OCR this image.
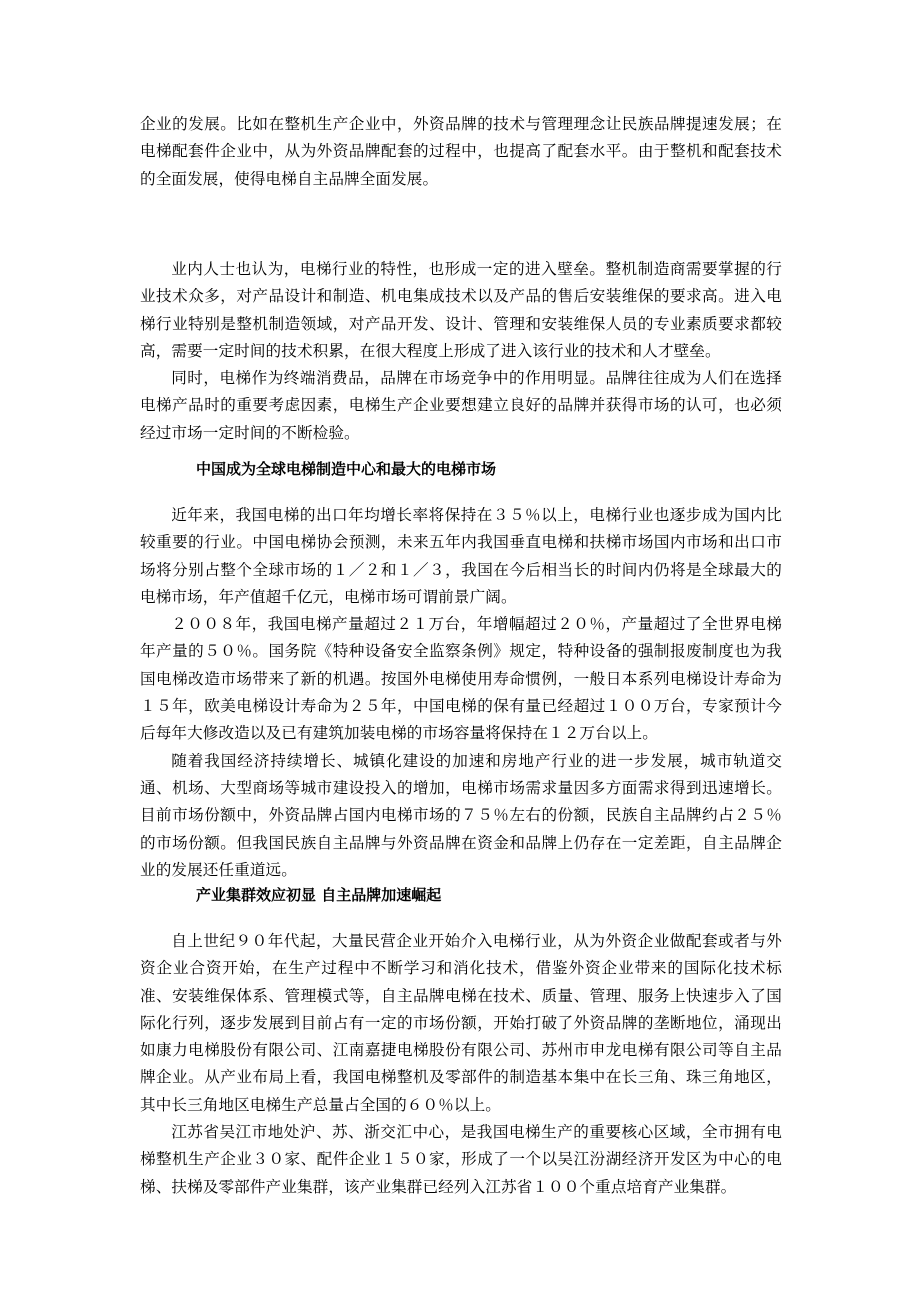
企业的发展。比如在整机生产企业中，外资品牌的技术与管理理念让民族品牌提速发展；在电梯配套件企业中，从为外资品牌配套的过程中，也提高了配套水平。由于整机和配套技术的全面发展，使得电梯自主品牌全面发展。

业内人士也认为，电梯行业的特性，也形成一定的进入壁垒。整机制造商需要掌握的行业技术众多，对产品设计和制造、机电集成技术以及产品的售后安装维保的要求高。进入电梯行业特别是整机制造领域，对产品开发、设计、管理和安装维保人员的专业素质要求都较高，需要一定时间的技术积累，在很大程度上形成了进入该行业的技术和人才壁垒。

同时，电梯作为终端消费品，品牌在市场竞争中的作用明显。品牌往往成为人们在选择电梯产品时的重要考虑因素，电梯生产企业要想建立良好的品牌并获得市场的认可，也必须经过市场一定时间的不断检验。

中国成为全球电梯制造中心和最大的电梯市场

近年来，我国电梯的出口年均增长率将保持在３５％以上，电梯行业也逐步成为国内比较重要的行业。中国电梯协会预测，未来五年内我国垂直电梯和扶梯市场国内市场和出口市场将分别占整个全球市场的１／２和１／３，我国在今后相当长的时间内仍将是全球最大的电梯市场，年产值超千亿元，电梯市场可谓前景广阔。

２００８年，我国电梯产量超过２１万台，年增幅超过２０％，产量超过了全世界电梯年产量的５０％。国务院《特种设备安全监察条例》规定，特种设备的强制报废制度也为我国电梯改造市场带来了新的机遇。按国外电梯使用寿命惯例，一般日本系列电梯设计寿命为１５年，欧美电梯设计寿命为２５年，中国电梯的保有量已经超过１００万台，专家预计今后每年大修改造以及已有建筑加装电梯的市场容量将保持在１２万台以上。

随着我国经济持续增长、城镇化建设的加速和房地产行业的进一步发展，城市轨道交通、机场、大型商场等城市建设投入的增加，电梯市场需求量因多方面需求得到迅速增长。目前市场份额中，外资品牌占国内电梯市场的７５％左右的份额，民族自主品牌约占２５％的市场份额。但我国民族自主品牌与外资品牌在资金和品牌上仍存在一定差距，自主品牌企业的发展还任重道远。

产业集群效应初显 自主品牌加速崛起

自上世纪９０年代起，大量民营企业开始介入电梯行业，从为外资企业做配套或者与外资企业合资开始，在生产过程中不断学习和消化技术，借鉴外资企业带来的国际化技术标准、安装维保体系、管理模式等，自主品牌电梯在技术、质量、管理、服务上快速步入了国际化行列，逐步发展到目前占有一定的市场份额，开始打破了外资品牌的垄断地位，涌现出如康力电梯股份有限公司、江南嘉捷电梯股份有限公司、苏州市申龙电梯有限公司等自主品牌企业。从产业布局上看，我国电梯整机及零部件的制造基本集中在长三角、珠三角地区，其中长三角地区电梯生产总量占全国的６０％以上。

江苏省吴江市地处沪、苏、浙交汇中心，是我国电梯生产的重要核心区域，全市拥有电梯整机生产企业３０家、配件企业１５０家，形成了一个以吴江汾湖经济开发区为中心的电梯、扶梯及零部件产业集群，该产业集群已经列入江苏省１００个重点培育产业集群。
